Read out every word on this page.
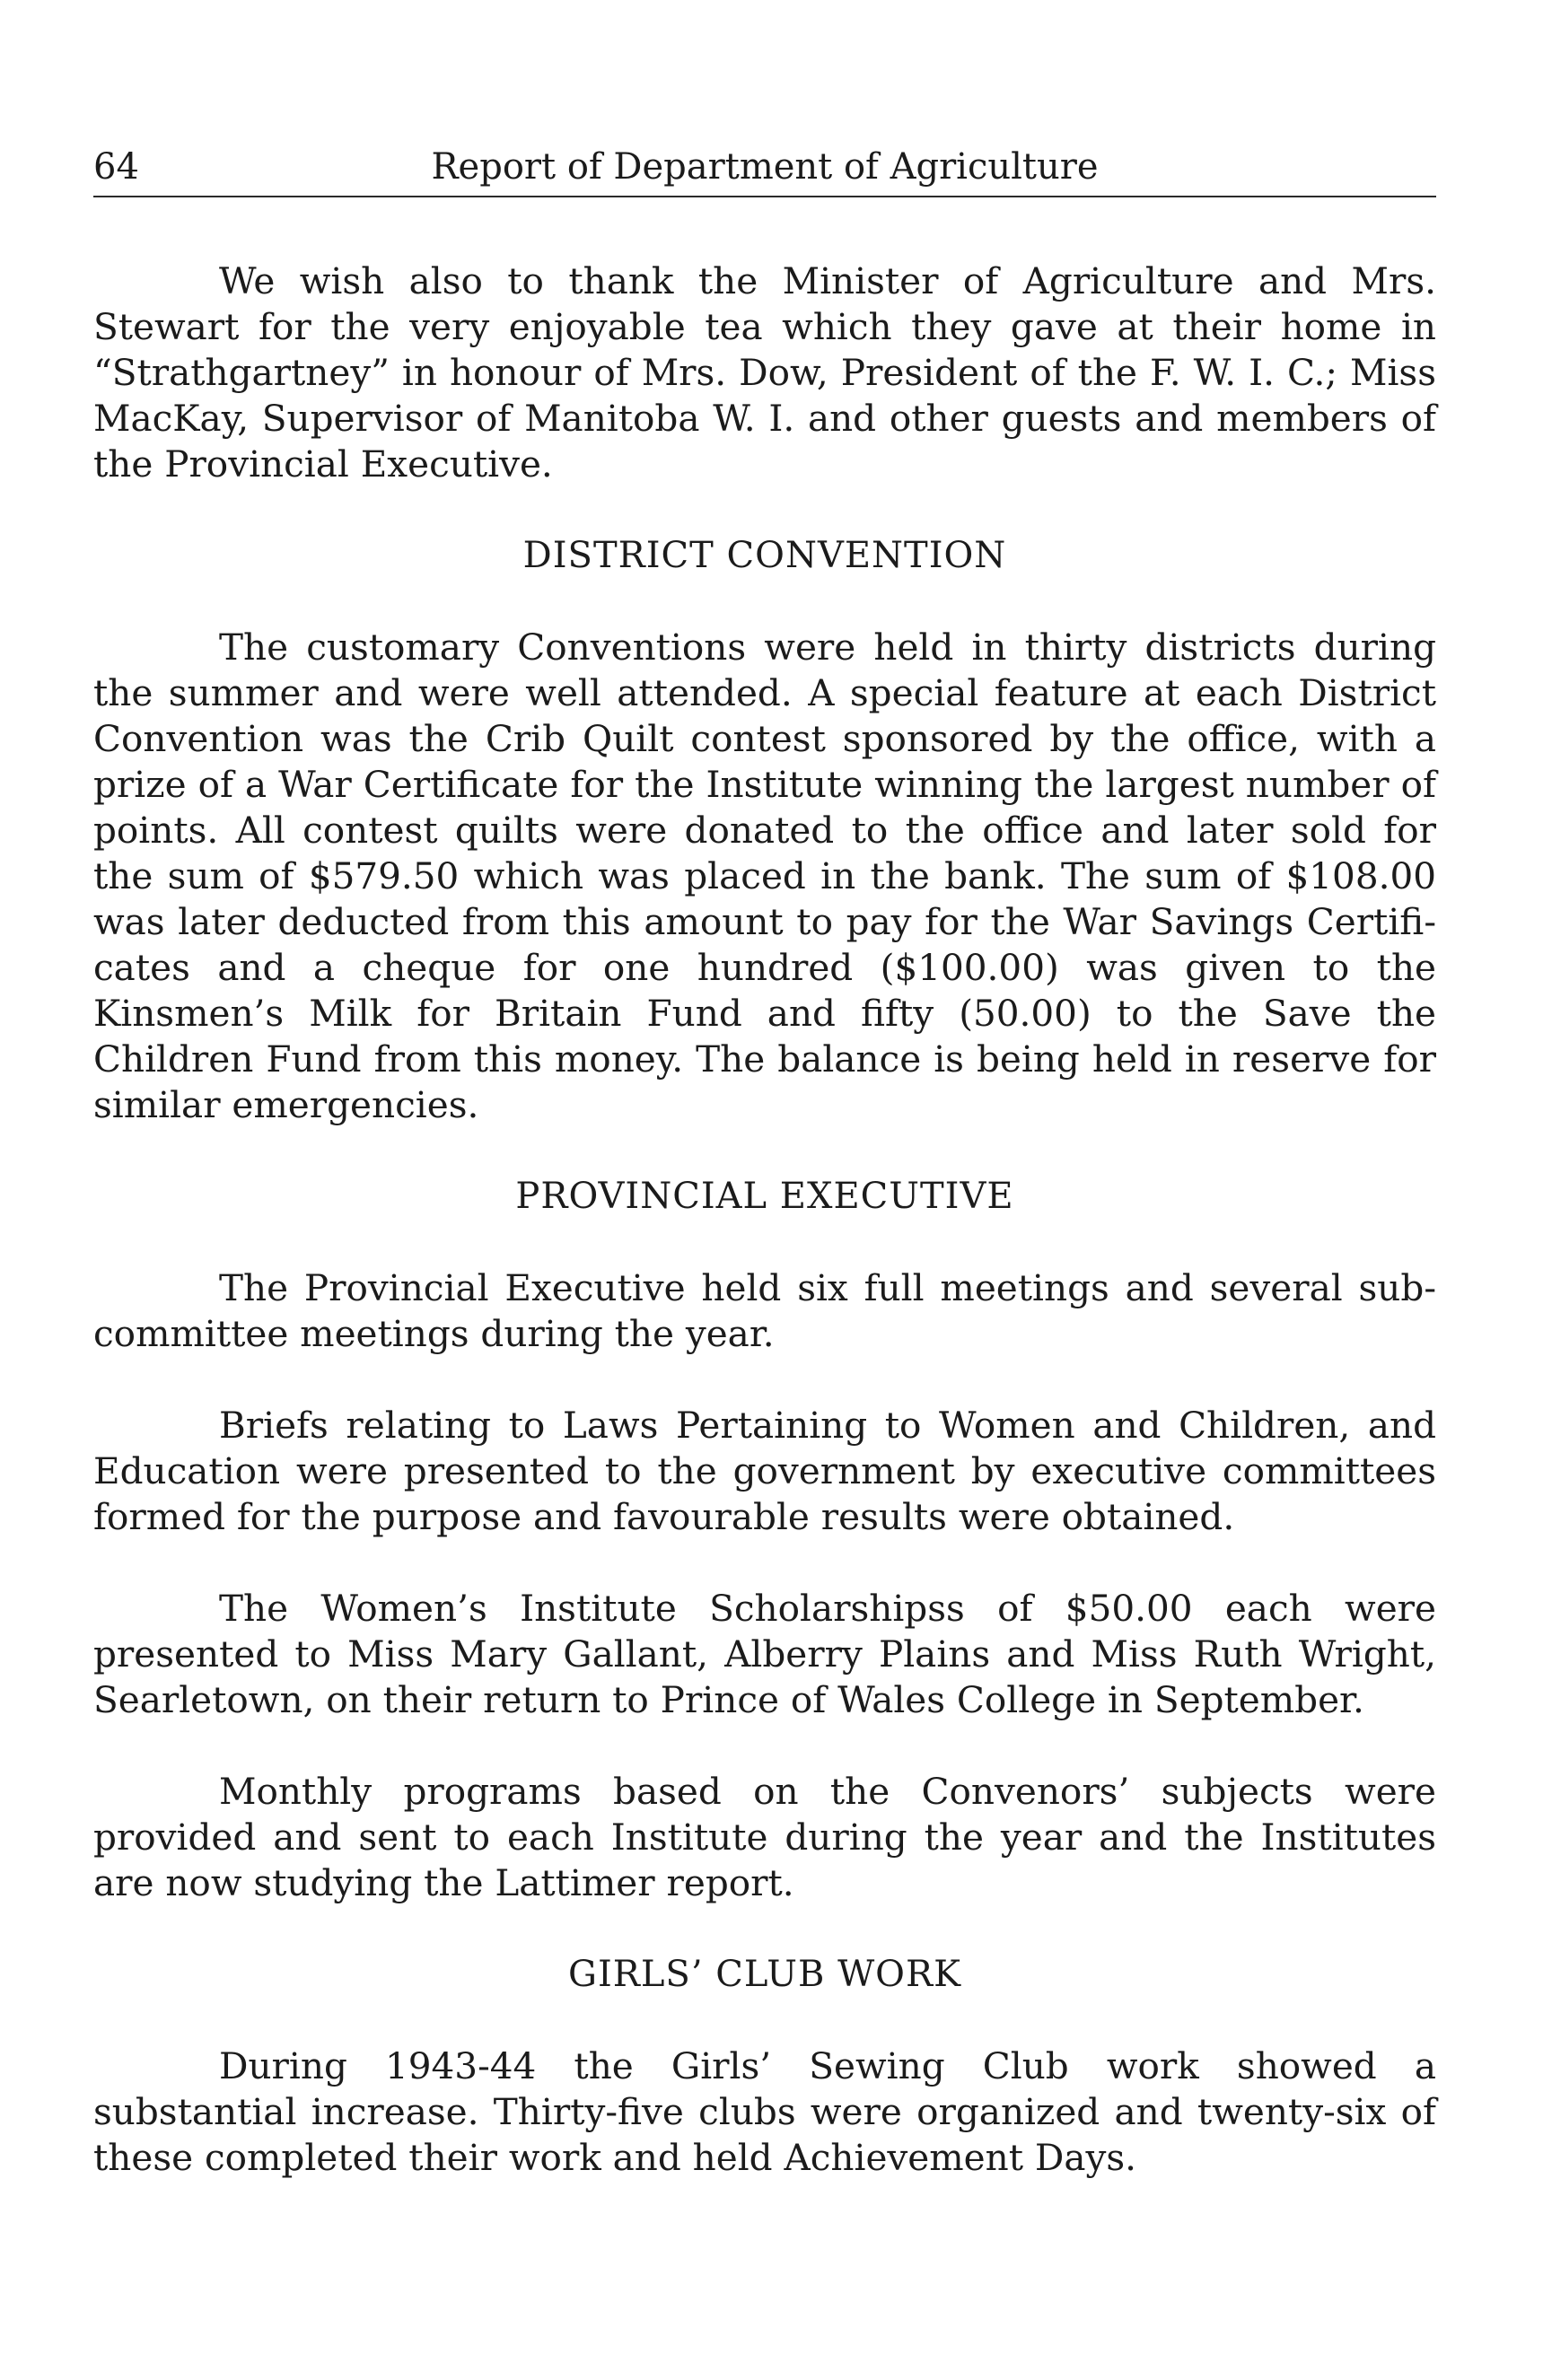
64	Report of Department of Agriculture

We wish also to thank the Minister of Agriculture and Mrs. Stewart for the very enjoyable tea which they gave at their home in “Strathgartney” in honour of Mrs. Dow, President of the F. W. I. C.; Miss MacKay, Supervisor of Manitoba W. I. and other guests and members of the Provincial Executive.

DISTRICT CONVENTION

The customary Conventions were held in thirty districts during the summer and were well attended. A special feature at each District Convention was the Crib Quilt contest sponsored by the office, with a prize of a War Certificate for the Institute winning the largest number of points. All contest quilts were donated to the office and later sold for the sum of $579.50 which was placed in the bank. The sum of $108.00 was later deducted from this amount to pay for the War Savings Certificates and a cheque for one hundred ($100.00) was given to the Kinsmen’s Milk for Britain Fund and fifty (50.00) to the Save the Children Fund from this money. The balance is being held in reserve for similar emergencies.

PROVINCIAL EXECUTIVE

The Provincial Executive held six full meetings and several subcommittee meetings during the year.

Briefs relating to Laws Pertaining to Women and Children, and Education were presented to the government by executive committees formed for the purpose and favourable results were obtained.

The Women’s Institute Scholarshipss of $50.00 each were presented to Miss Mary Gallant, Alberry Plains and Miss Ruth Wright, Searletown, on their return to Prince of Wales College in September.

Monthly programs based on the Convenors’ subjects were provided and sent to each Institute during the year and the Institutes are now studying the Lattimer report.

GIRLS’ CLUB WORK

During 1943-44 the Girls’ Sewing Club work showed a substantial increase. Thirty-five clubs were organized and twenty-six of these completed their work and held Achievement Days.
